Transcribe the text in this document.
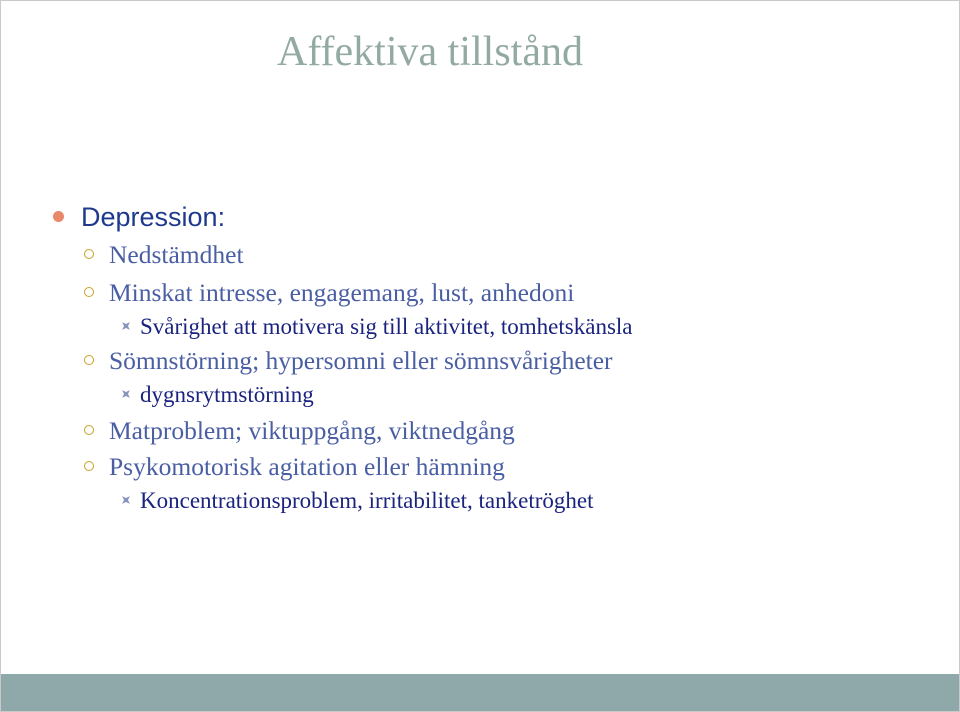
Affektiva tillstånd
Depression:
Nedstämdhet
Minskat intresse, engagemang, lust, anhedoni
Svårighet att motivera sig till aktivitet, tomhetskänsla
Sömnstörning; hypersomni eller sömnsvårigheter
dygnsrytmstörning
Matproblem; viktuppgång, viktnedgång
Psykomotorisk agitation eller hämning
Koncentrationsproblem, irritabilitet, tanketröghet
